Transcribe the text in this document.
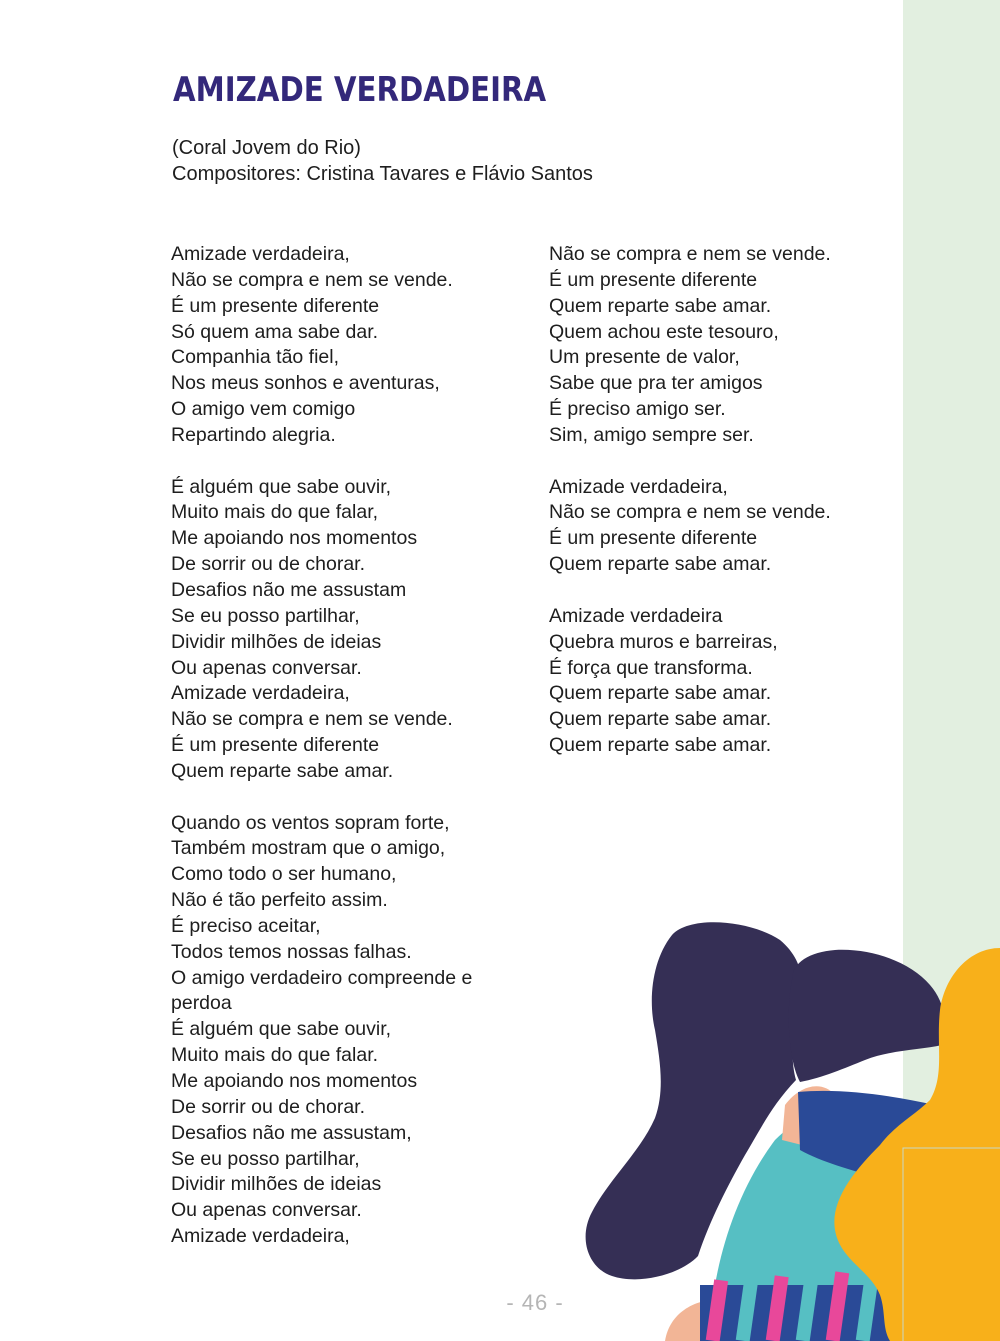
AMIZADE VERDADEIRA
(Coral Jovem do Rio)
Compositores: Cristina Tavares e Flávio Santos
Amizade verdadeira,
Não se compra e nem se vende.
É um presente diferente
Só quem ama sabe dar.
Companhia tão fiel,
Nos meus sonhos e aventuras,
O amigo vem comigo
Repartindo alegria.
É alguém que sabe ouvir,
Muito mais do que falar,
Me apoiando nos momentos
De sorrir ou de chorar.
Desafios não me assustam
Se eu posso partilhar,
Dividir milhões de ideias
Ou apenas conversar.
Amizade verdadeira,
Não se compra e nem se vende.
É um presente diferente
Quem reparte sabe amar.
Quando os ventos sopram forte,
Também mostram que o amigo,
Como todo o ser humano,
Não é tão perfeito assim.
É preciso aceitar,
Todos temos nossas falhas.
O amigo verdadeiro compreende e
perdoa
É alguém que sabe ouvir,
Muito mais do que falar.
Me apoiando nos momentos
De sorrir ou de chorar.
Desafios não me assustam,
Se eu posso partilhar,
Dividir milhões de ideias
Ou apenas conversar.
Amizade verdadeira,
Não se compra e nem se vende.
É um presente diferente
Quem reparte sabe amar.
Quem achou este tesouro,
Um presente de valor,
Sabe que pra ter amigos
É preciso amigo ser.
Sim, amigo sempre ser.
Amizade verdadeira,
Não se compra e nem se vende.
É um presente diferente
Quem reparte sabe amar.
Amizade verdadeira
Quebra muros e barreiras,
É força que transforma.
Quem reparte sabe amar.
Quem reparte sabe amar.
Quem reparte sabe amar.
- 46 -
